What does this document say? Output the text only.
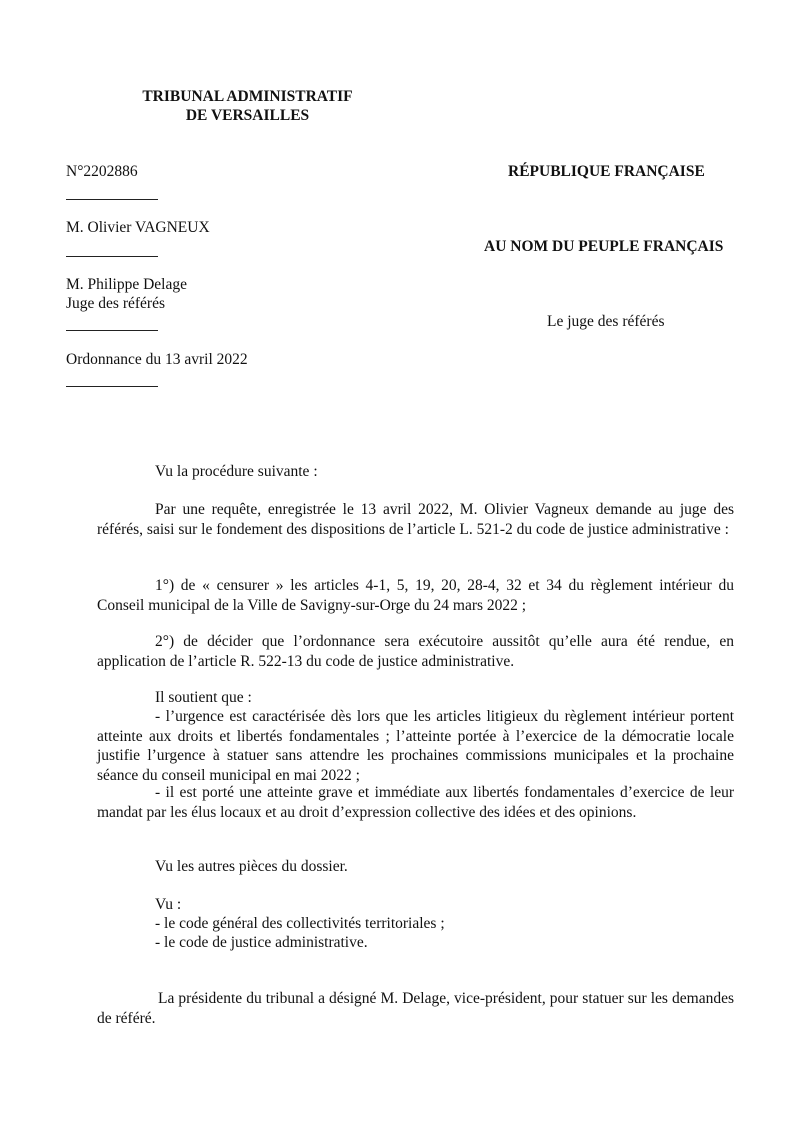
TRIBUNAL ADMINISTRATIF
DE VERSAILLES
N°2202886	RÉPUBLIQUE FRANÇAISE
M. Olivier VAGNEUX
AU NOM DU PEUPLE FRANÇAIS
M. Philippe Delage
Juge des référés
Le juge des référés
Ordonnance du 13 avril 2022
Vu la procédure suivante :
Par une requête, enregistrée le 13 avril 2022, M. Olivier Vagneux demande au juge des référés, saisi sur le fondement des dispositions de l’article L. 521-2 du code de justice administrative :
1°) de « censurer » les articles 4-1, 5, 19, 20, 28-4, 32 et 34 du règlement intérieur du Conseil municipal de la Ville de Savigny-sur-Orge du 24 mars 2022 ;
2°) de décider que l’ordonnance sera exécutoire aussitôt qu’elle aura été rendue, en application de l’article R. 522-13 du code de justice administrative.
Il soutient que :
- l’urgence est caractérisée dès lors que les articles litigieux du règlement intérieur portent atteinte aux droits et libertés fondamentales ; l’atteinte portée à l’exercice de la démocratie locale justifie l’urgence à statuer sans attendre les prochaines commissions municipales et la prochaine séance du conseil municipal en mai 2022 ;
- il est porté une atteinte grave et immédiate aux libertés fondamentales d’exercice de leur mandat par les élus locaux et au droit d’expression collective des idées et des opinions.
Vu les autres pièces du dossier.
Vu :
- le code général des collectivités territoriales ;
- le code de justice administrative.
La présidente du tribunal a désigné M. Delage, vice-président, pour statuer sur les demandes de référé.
